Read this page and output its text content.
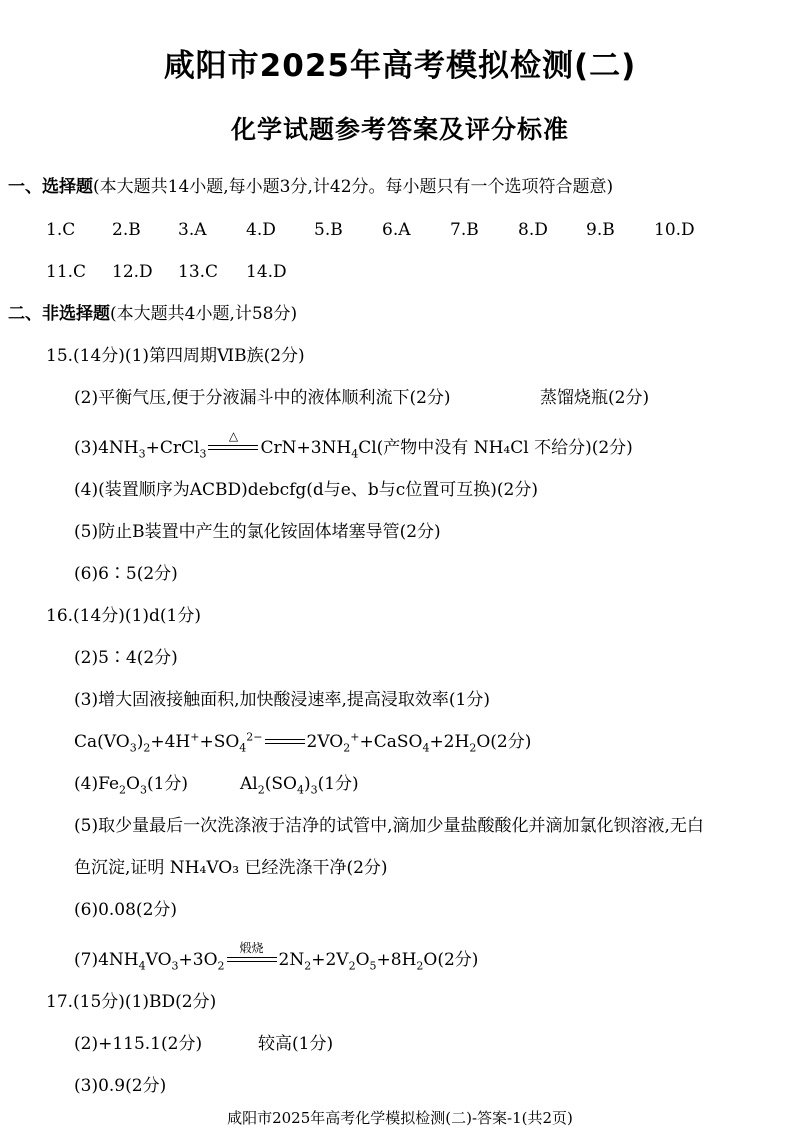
咸阳市2025年高考模拟检测(二)
化学试题参考答案及评分标准
一、选择题(本大题共14小题,每小题3分,计42分。每小题只有一个选项符合题意)
二、非选择题(本大题共4小题,计58分)
15.(14分)(1)第四周期ⅥB族(2分)
(2)平衡气压,便于分液漏斗中的液体顺利流下(2分)	蒸馏烧瓶(2分)
$(3)4NH_3+CrCl_3$
△
$CrN+3NH_4Cl$(产物中没有 NH₄Cl 不给分)(2分)
(4)(装置顺序为ACBD)debcfg(d与e、b与c位置可互换)(2分)
(5)防止B装置中产生的氯化铵固体堵塞导管(2分)
(6)6∶5(2分)
16.(14分)(1)d(1分)
(2)5∶4(2分)
(3)增大固液接触面积,加快酸浸速率,提高浸取效率(1分)
$Ca(VO_3)_2+4H^++SO_4^{2-}$	$2VO_2^++CaSO_4+2H_2O(2$分)
$(4)Fe_2O_3(1$分)	$Al_2(SO_4)_3(1$分)
(5)取少量最后一次洗涤液于洁净的试管中,滴加少量盐酸酸化并滴加氯化钡溶液,无白
色沉淀,证明 NH₄VO₃ 已经洗涤干净(2分)
(6)0.08(2分)
$(7)4NH_4VO_3+3O_2$
煅烧
$2N_2+2V_2O_5+8H_2O(2$分)
17.(15分)(1)BD(2分)
(2)+115.1(2分)	较高(1分)
(3)0.9(2分)
咸阳市2025年高考化学模拟检测(二)-答案-1(共2页)
1.C 2.B 3.A 4.D 5.B 6.A 7.B 8.D 9.B 10.D
11.C 12.D 13.C 14.D
